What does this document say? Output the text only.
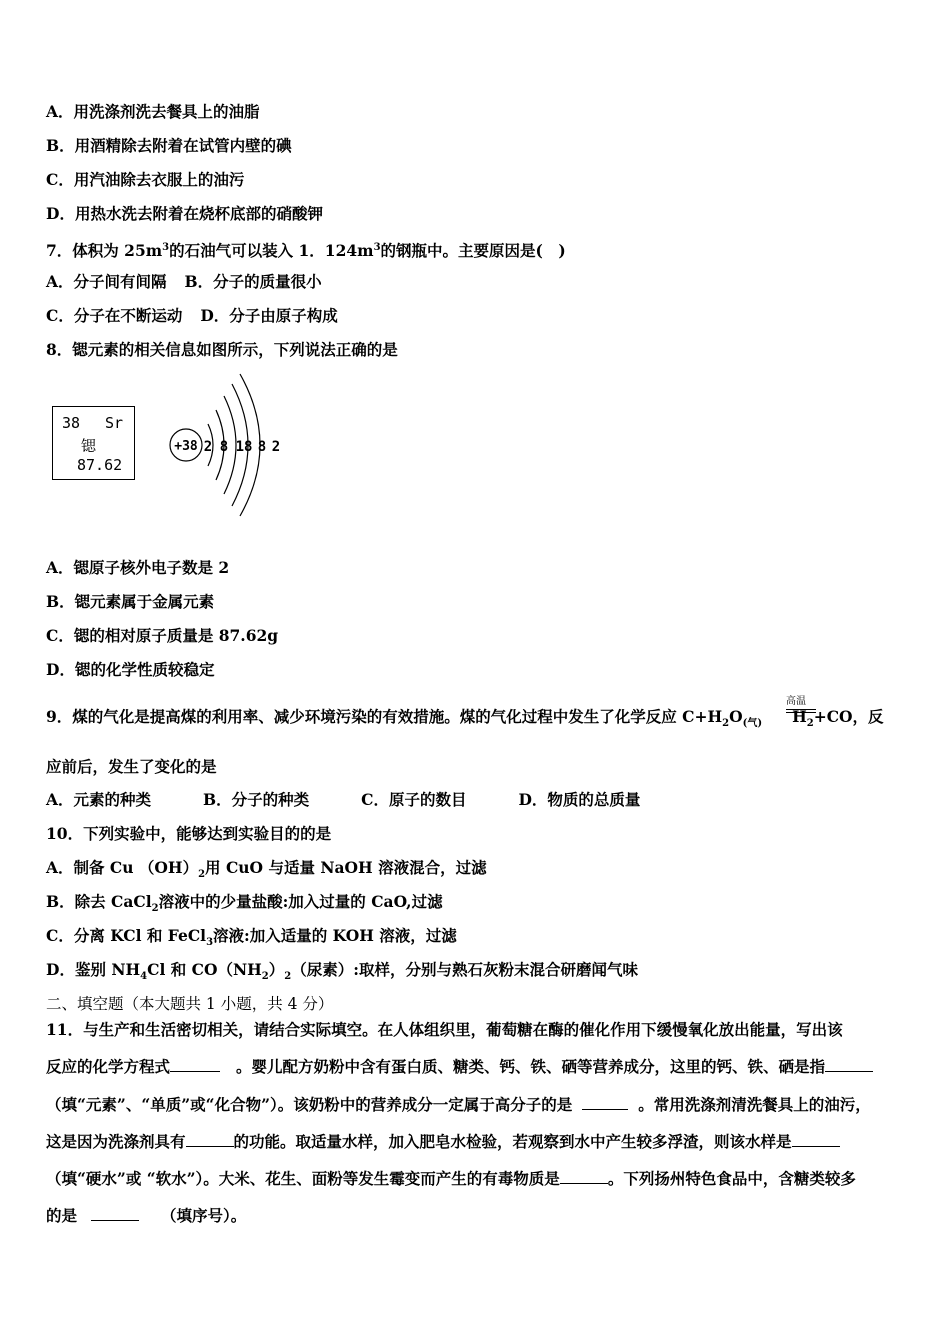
A．用洗涤剂洗去餐具上的油脂
B．用酒精除去附着在试管内壁的碘
C．用汽油除去衣服上的油污
D．用热水洗去附着在烧杯底部的硝酸钾
7．体积为 $25m^3$的石油气可以装入 1．$124m^3$的钢瓶中。主要原因是(　)
A．分子间有间隔 B．分子的质量很小
C．分子在不断运动 D．分子由原子构成
8．锶元素的相关信息如图所示，下列说法正确的是
38 Sr
锶
87.62
+38 2 8 18 8 2
A．锶原子核外电子数是 2
B．锶元素属于金属元素
C．锶的相对原子质量是 87.62g
D．锶的化学性质较稳定
高温
9．煤的气化是提高煤的利用率、减少环境污染的有效措施。煤的气化过程中发生了化学反应 $C+H_2O_{(气)}$ $H_2+CO$，反
应前后，发生了变化的是
A．元素的种类	B．分子的种类	C．原子的数目	D．物质的总质量
10．下列实验中，能够达到实验目的的是
A．制备 Cu $(OH)_2$用 CuO 与适量 NaOH 溶液混合，过滤
B．除去 CaCl$_2$溶液中的少量盐酸:加入过量的 CaO,过滤
C．分离 KCl 和 FeCl$_3$溶液:加入适量的 KOH 溶液，过滤
D．鉴别 $NH_4Cl$ 和 $CO(NH_2)_2$（尿素）:取样，分别与熟石灰粉末混合研磨闻气味
二、填空题（本大题共 1 小题，共 4 分）
11．与生产和生活密切相关，请结合实际填空。在人体组织里，葡萄糖在酶的催化作用下缓慢氧化放出能量，写出该
反应的化学方程式	。婴儿配方奶粉中含有蛋白质、糖类、钙、铁、硒等营养成分，这里的钙、铁、硒是指
（填“元素”、“单质”或“化合物”）。该奶粉中的营养成分一定属于高分子的是	。常用洗涤剂清洗餐具上的油污，
这是因为洗涤剂具有	的功能。取适量水样，加入肥皂水检验，若观察到水中产生较多浮渣，则该水样是
（填“硬水”或 “软水”）。大米、花生、面粉等发生霉变而产生的有毒物质是	。下列扬州特色食品中，含糖类较多
的是	（填序号）。
